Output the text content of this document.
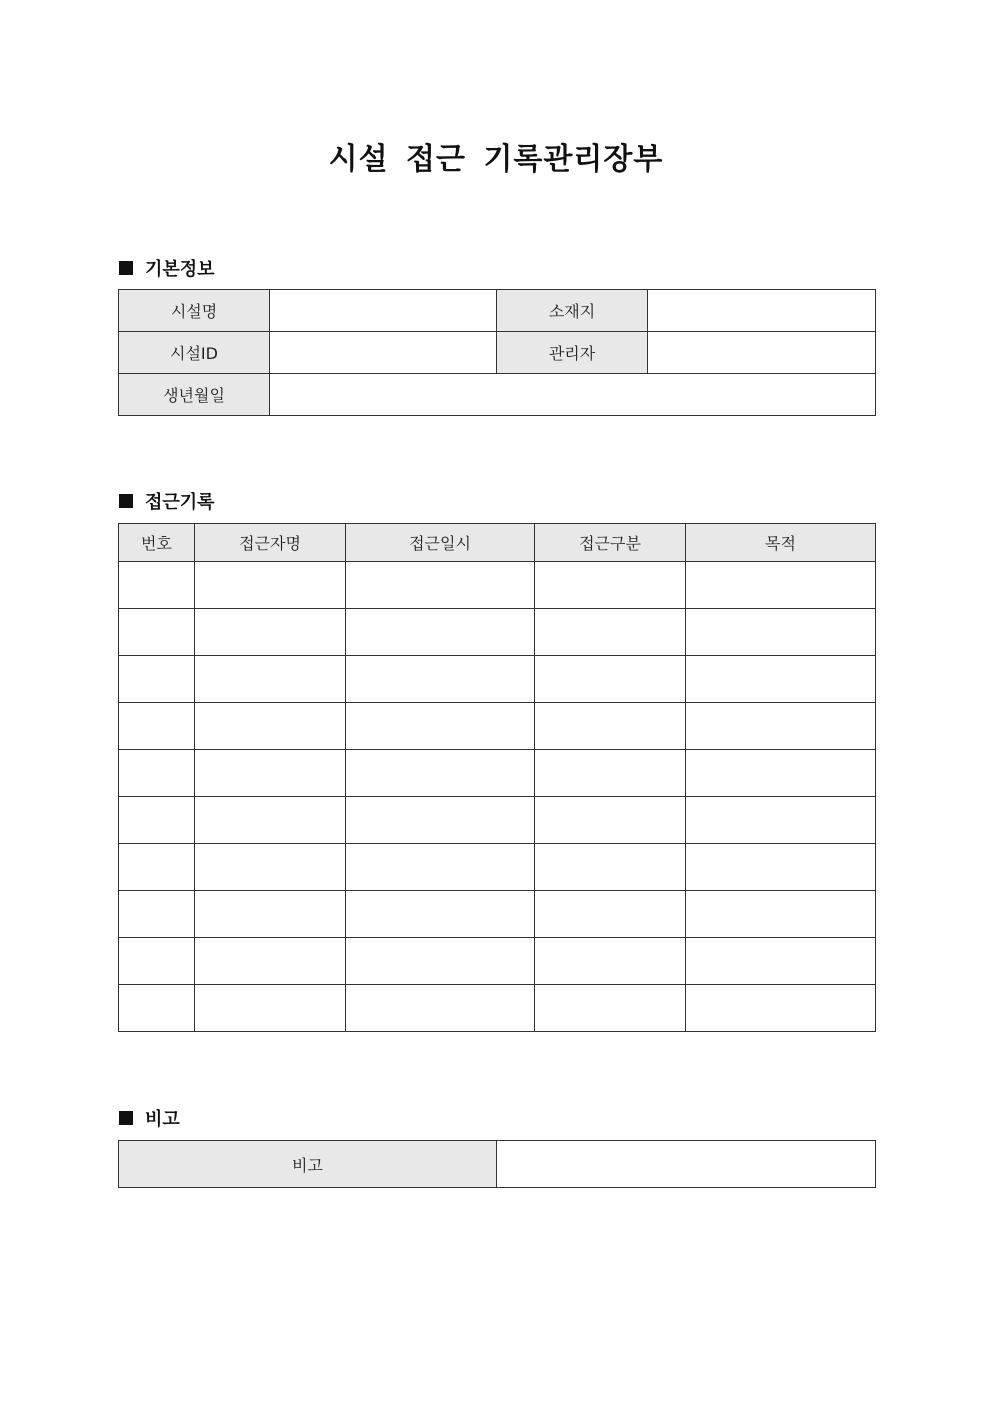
시설 접근 기록관리장부
기본정보
시설명		소재지	
시설ID		관리자	
생년월일			
접근기록
번호	접근자명	접근일시	접근구분	목적

비고
비고	
